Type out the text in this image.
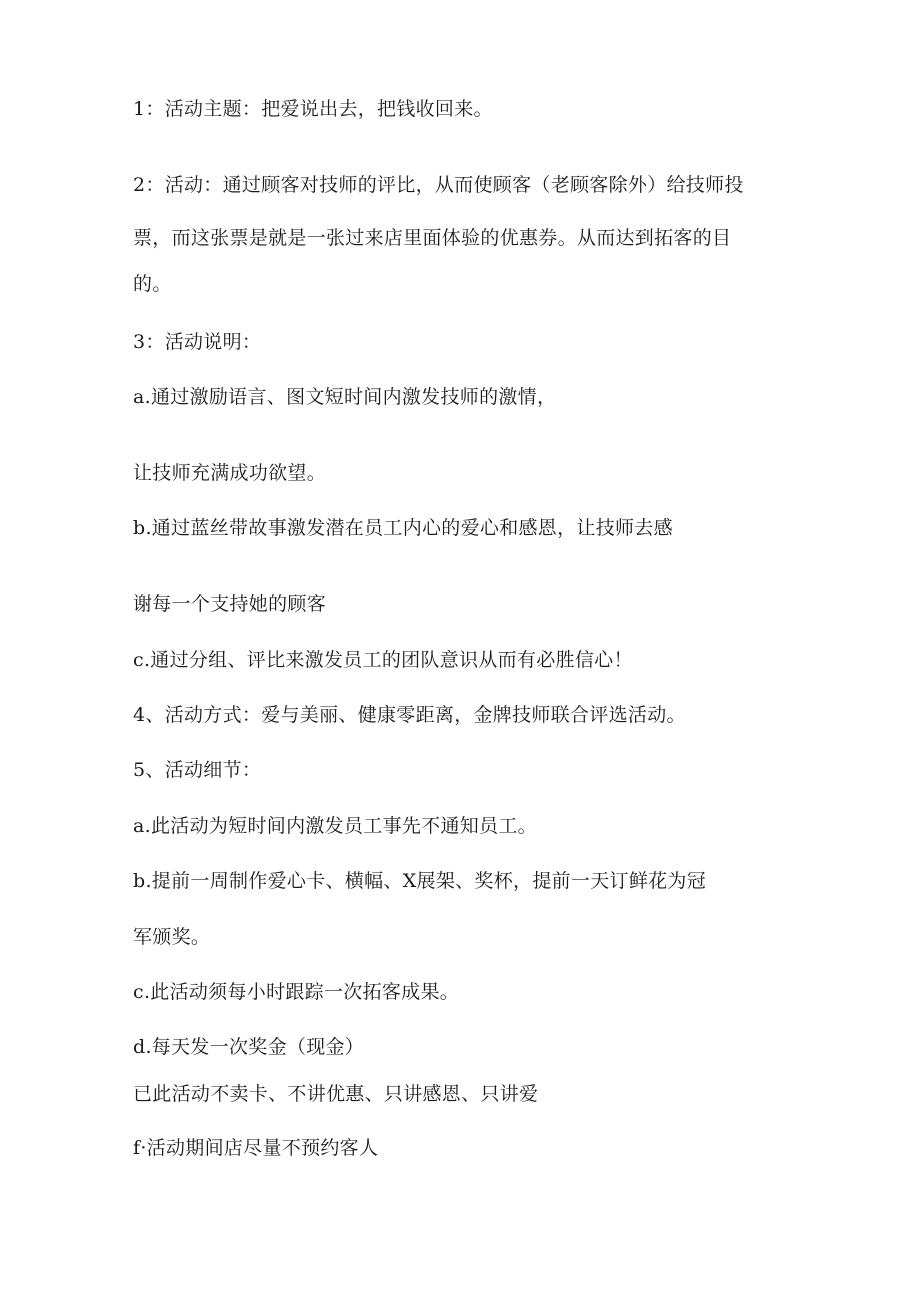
1：活动主题：把爱说出去，把钱收回来。
2：活动：通过顾客对技师的评比，从而使顾客（老顾客除外）给技师投
票，而这张票是就是一张过来店里面体验的优惠券。从而达到拓客的目
的。
3：活动说明：
a.通过激励语言、图文短时间内激发技师的激情，
让技师充满成功欲望。
b.通过蓝丝带故事激发潜在员工内心的爱心和感恩，让技师去感
谢每一个支持她的顾客
c.通过分组、评比来激发员工的团队意识从而有必胜信心！
4、活动方式：爱与美丽、健康零距离，金牌技师联合评选活动。
5、活动细节：
a.此活动为短时间内激发员工事先不通知员工。
b.提前一周制作爱心卡、横幅、X展架、奖杯，提前一天订鲜花为冠
军颁奖。
c.此活动须每小时跟踪一次拓客成果。
d.每天发一次奖金（现金）
已此活动不卖卡、不讲优惠、只讲感恩、只讲爱
f·活动期间店尽量不预约客人
